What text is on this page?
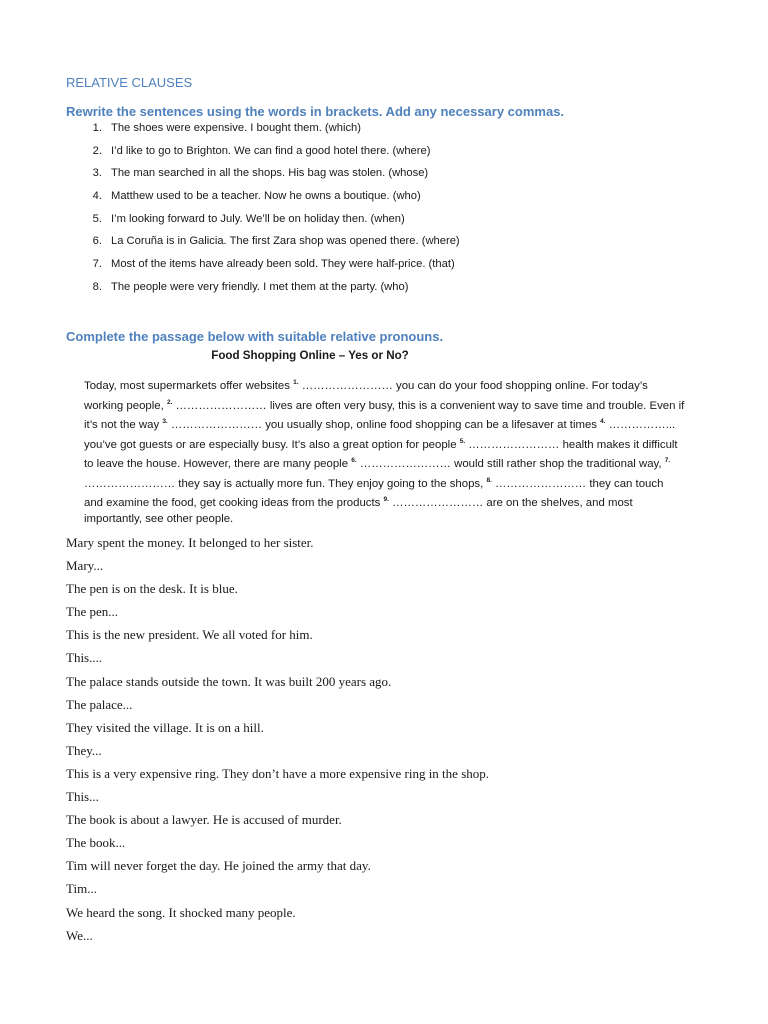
RELATIVE CLAUSES
Rewrite the sentences using the words in brackets. Add any necessary commas.
1. The shoes were expensive. I bought them. (which)
2. I’d like to go to Brighton. We can find a good hotel there. (where)
3. The man searched in all the shops. His bag was stolen. (whose)
4. Matthew used to be a teacher. Now he owns a boutique. (who)
5. I’m looking forward to July. We’ll be on holiday then. (when)
6. La Coruña is in Galicia. The first Zara shop was opened there. (where)
7. Most of the items have already been sold. They were half-price. (that)
8. The people were very friendly. I met them at the party. (who)
Complete the passage below with suitable relative pronouns.
Food Shopping Online – Yes or No?
Today, most supermarkets offer websites $^{1.}$ …………………… you can do your food shopping online. For today’s
working people, $^{2.}$ …………………… lives are often very busy, this is a convenient way to save time and trouble. Even if
it’s not the way $^{3.}$ …………………… you usually shop, online food shopping can be a lifesaver at times $^{4.}$ ……………...
you’ve got guests or are especially busy. It’s also a great option for people $^{5.}$ …………………… health makes it difficult
to leave the house. However, there are many people $^{6.}$ …………………… would still rather shop the traditional way, $^{7.}$
…………………… they say is actually more fun. They enjoy going to the shops, $^{8.}$ …………………… they can touch
and examine the food, get cooking ideas from the products $^{9.}$ …………………… are on the shelves, and most
importantly, see other people.
Mary spent the money. It belonged to her sister.
Mary...
The pen is on the desk. It is blue.
The pen...
This is the new president. We all voted for him.
This....
The palace stands outside the town. It was built 200 years ago.
The palace...
They visited the village. It is on a hill.
They...
This is a very expensive ring. They don’t have a more expensive ring in the shop.
This...
The book is about a lawyer. He is accused of murder.
The book...
Tim will never forget the day. He joined the army that day.
Tim...
We heard the song. It shocked many people.
We...
